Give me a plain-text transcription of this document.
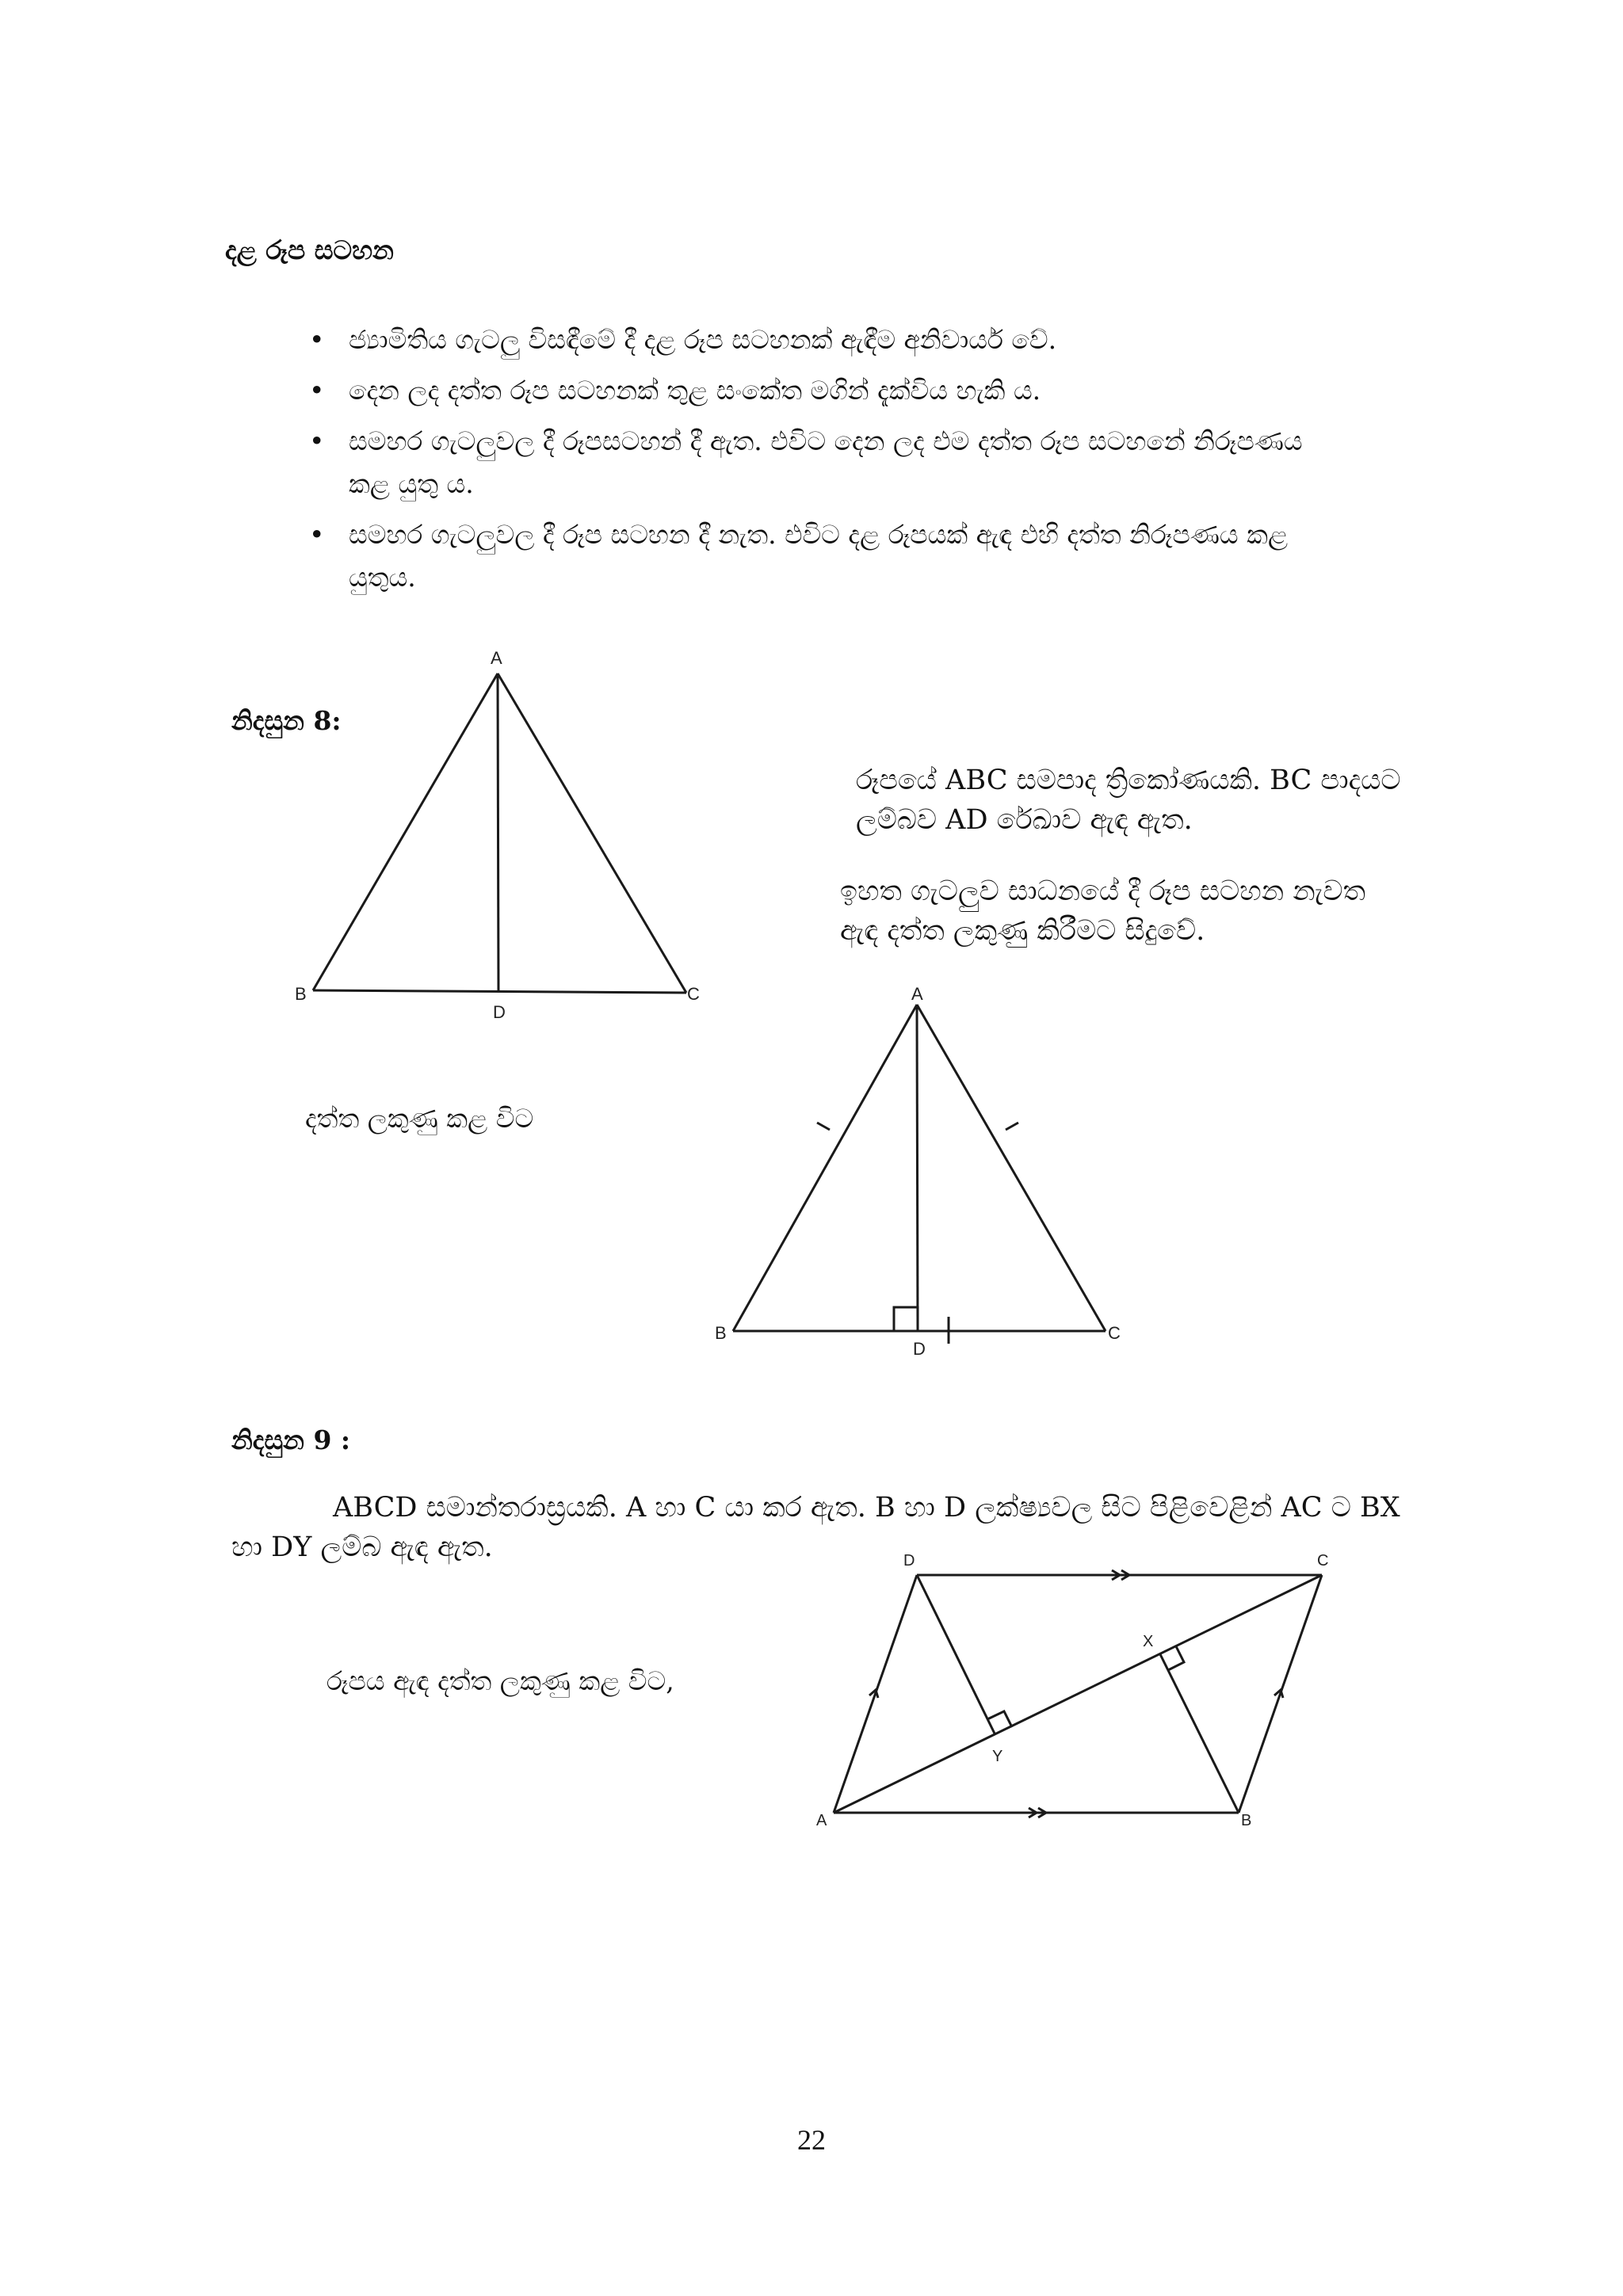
දළ රූප සටහන
• ජ්‍යාමිතිය ගැටලු විසඳීමේ දී දළ රූප සටහනක් ඇඳීම අනිවාර්ය වේ.
• දෙන ලද දත්ත රූප සටහනක් තුළ සංකේත මගින් දැක්විය හැකි ය.
• සමහර ගැටලුවල දී රූපසටහන් දී ඇත. එවිට දෙන ලද එම දත්ත රූප සටහනේ නිරූපණය කළ යුතු ය.
• සමහර ගැටලුවල දී රූප සටහන දී නැත. එවිට දළ රූපයක් ඇඳ එහි දත්ත නිරූපණය කළ යුතුය.
නිදසුන 8:
A
B	C
D
රූපයේ ABC සමපාද ත්‍රිකෝණයකි. BC පාදයට ලම්බව AD රේඛාව ඇඳ ඇත.
ඉහත ගැටලුව සාධනයේ දී රූප සටහන නැවත ඇඳ දත්ත ලකුණු කිරීමට සිදුවේ.
දත්ත ලකුණු කළ විට
A
B	C
D
නිදසුන 9 :
ABCD සමාන්තරාස්‍රයකි. A හා C යා කර ඇත. B හා D ලක්ෂ්‍යවල සිට පිළිවෙළින් AC ට BX හා DY ලම්බ ඇඳ ඇත.
රූපය ඇඳ දත්ත ලකුණු කළ විට,
D	C
A	B
X
Y
22
